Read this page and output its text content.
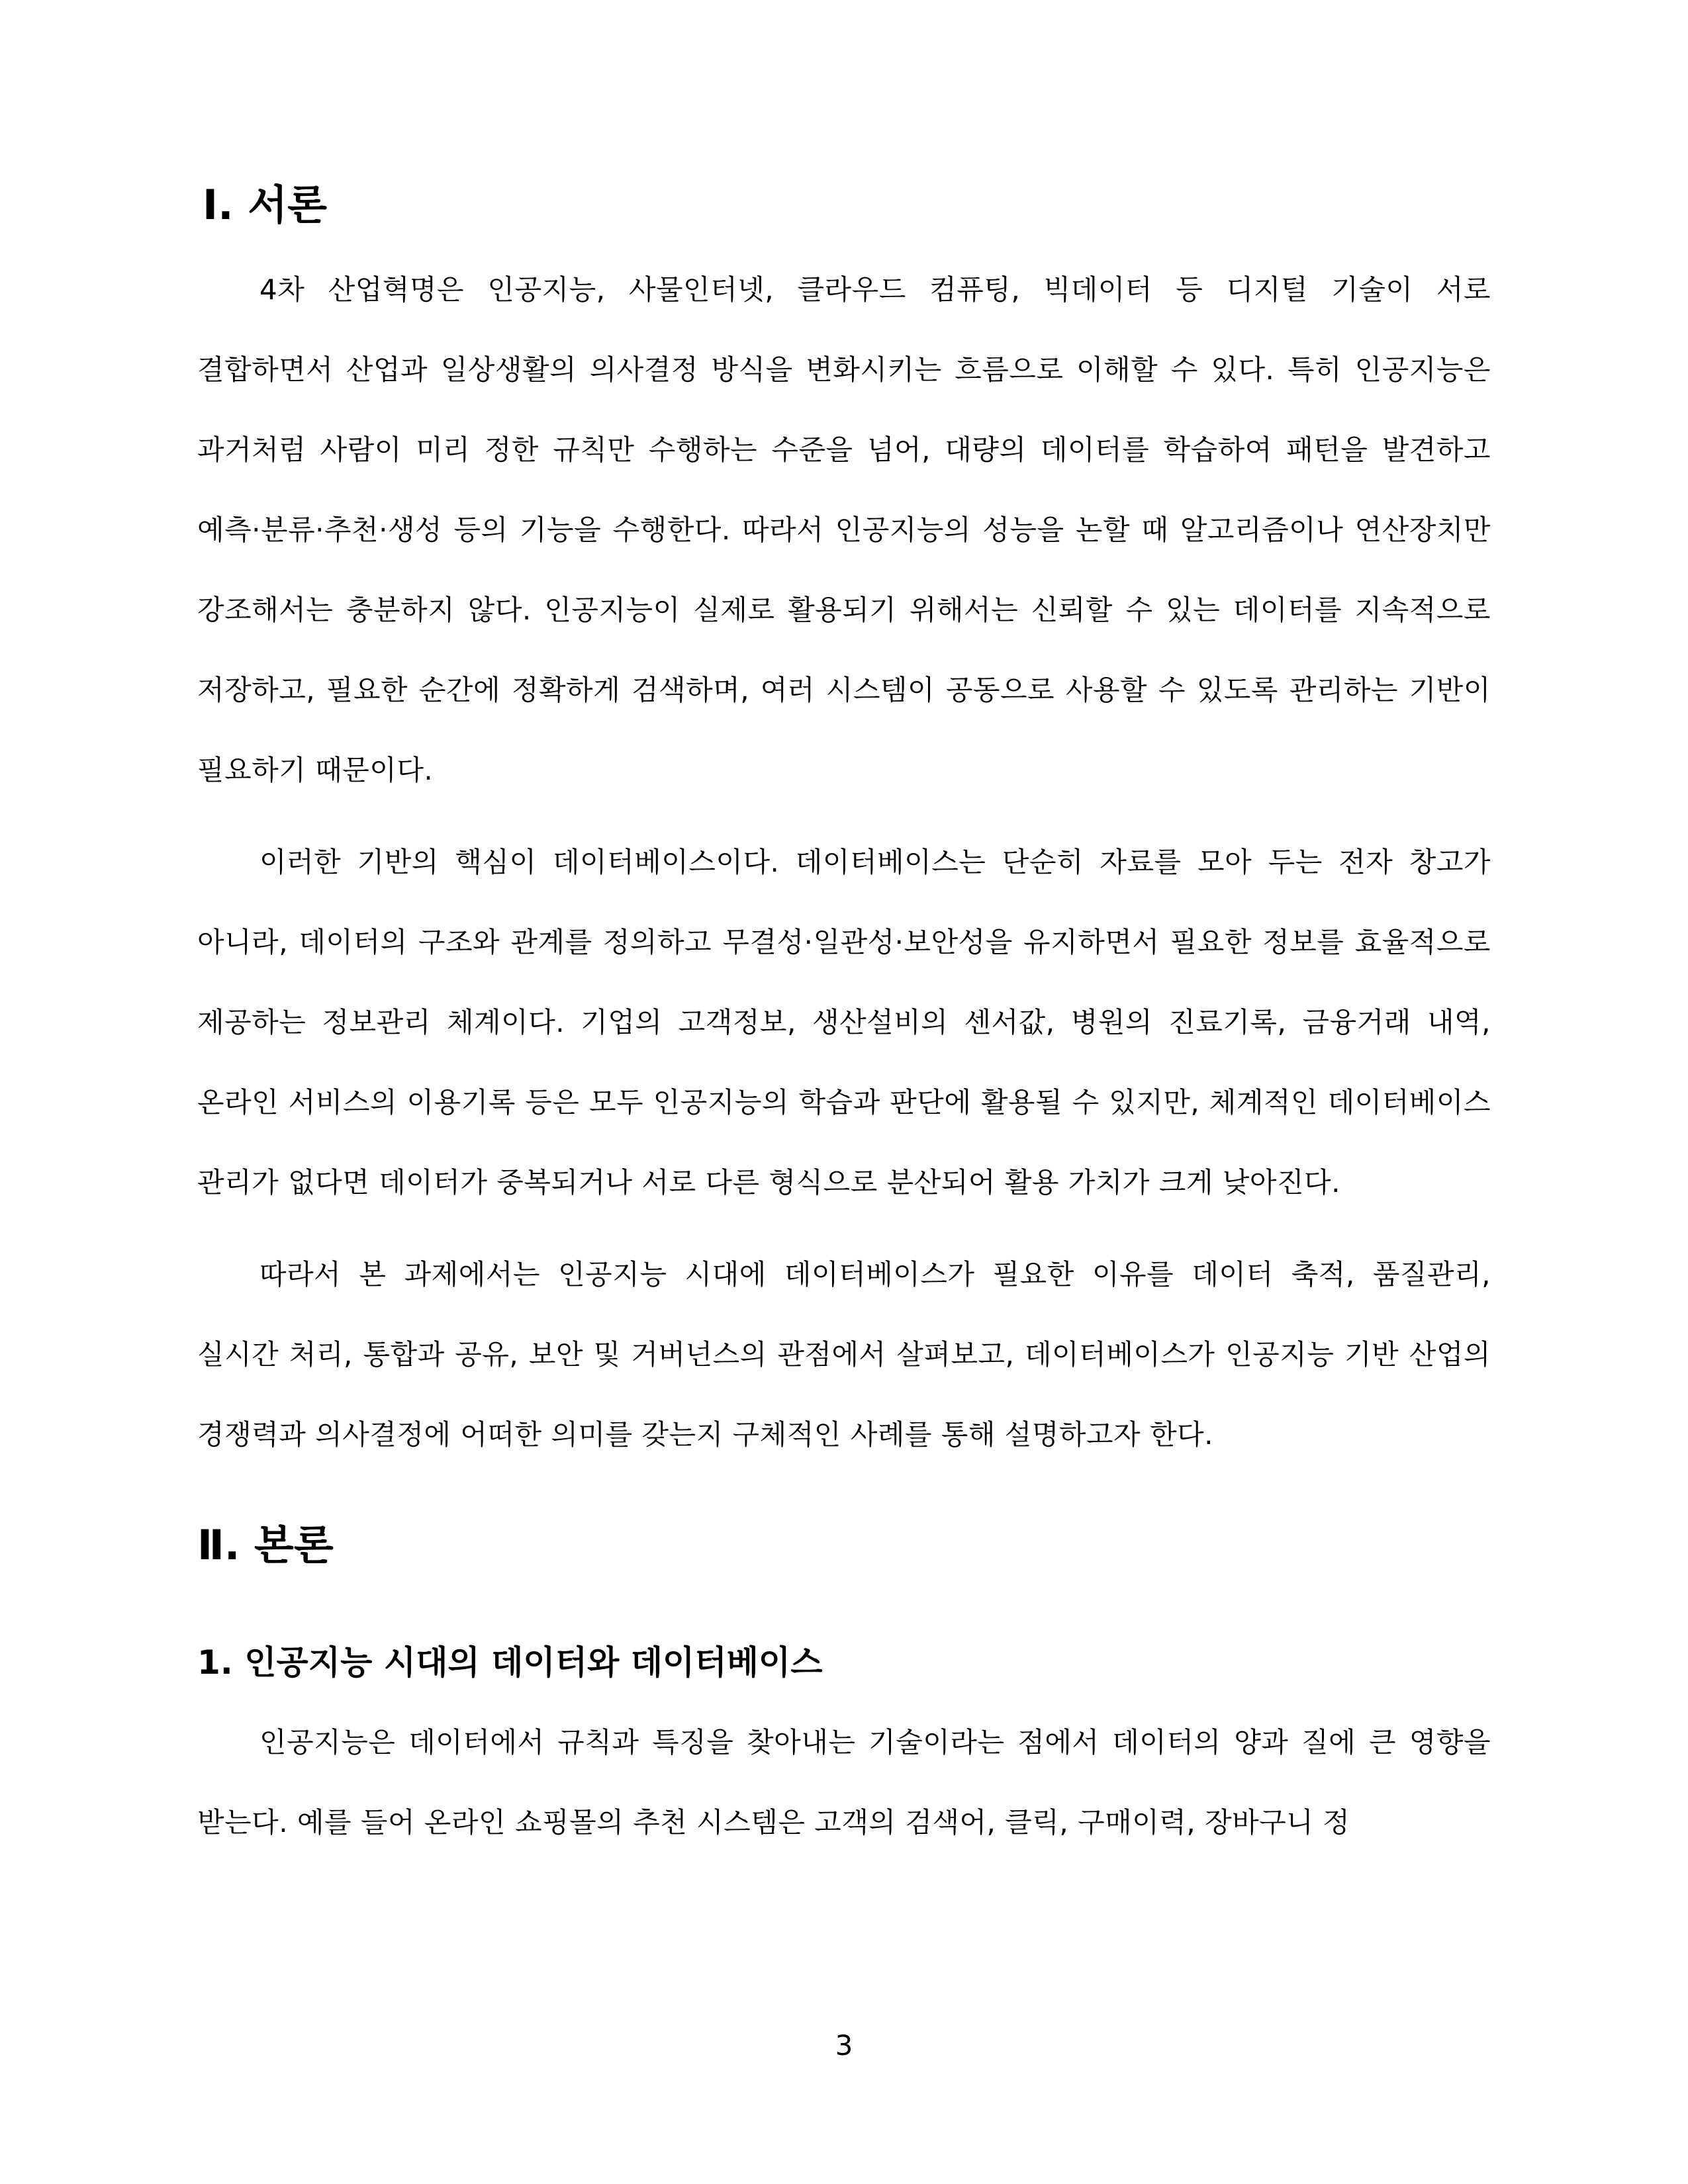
Ⅰ. 서론

4차 산업혁명은 인공지능, 사물인터넷, 클라우드 컴퓨팅, 빅데이터 등 디지털 기술이 서로 결합하면서 산업과 일상생활의 의사결정 방식을 변화시키는 흐름으로 이해할 수 있다. 특히 인공지능은 과거처럼 사람이 미리 정한 규칙만 수행하는 수준을 넘어, 대량의 데이터를 학습하여 패턴을 발견하고 예측·분류·추천·생성 등의 기능을 수행한다. 따라서 인공지능의 성능을 논할 때 알고리즘이나 연산장치만 강조해서는 충분하지 않다. 인공지능이 실제로 활용되기 위해서는 신뢰할 수 있는 데이터를 지속적으로 저장하고, 필요한 순간에 정확하게 검색하며, 여러 시스템이 공동으로 사용할 수 있도록 관리하는 기반이 필요하기 때문이다.

이러한 기반의 핵심이 데이터베이스이다. 데이터베이스는 단순히 자료를 모아 두는 전자 창고가 아니라, 데이터의 구조와 관계를 정의하고 무결성·일관성·보안성을 유지하면서 필요한 정보를 효율적으로 제공하는 정보관리 체계이다. 기업의 고객정보, 생산설비의 센서값, 병원의 진료기록, 금융거래 내역, 온라인 서비스의 이용기록 등은 모두 인공지능의 학습과 판단에 활용될 수 있지만, 체계적인 데이터베이스 관리가 없다면 데이터가 중복되거나 서로 다른 형식으로 분산되어 활용 가치가 크게 낮아진다.

따라서 본 과제에서는 인공지능 시대에 데이터베이스가 필요한 이유를 데이터 축적, 품질관리, 실시간 처리, 통합과 공유, 보안 및 거버넌스의 관점에서 살펴보고, 데이터베이스가 인공지능 기반 산업의 경쟁력과 의사결정에 어떠한 의미를 갖는지 구체적인 사례를 통해 설명하고자 한다.

Ⅱ. 본론
1. 인공지능 시대의 데이터와 데이터베이스

인공지능은 데이터에서 규칙과 특징을 찾아내는 기술이라는 점에서 데이터의 양과 질에 큰 영향을 받는다. 예를 들어 온라인 쇼핑몰의 추천 시스템은 고객의 검색어, 클릭, 구매이력, 장바구니 정

3
